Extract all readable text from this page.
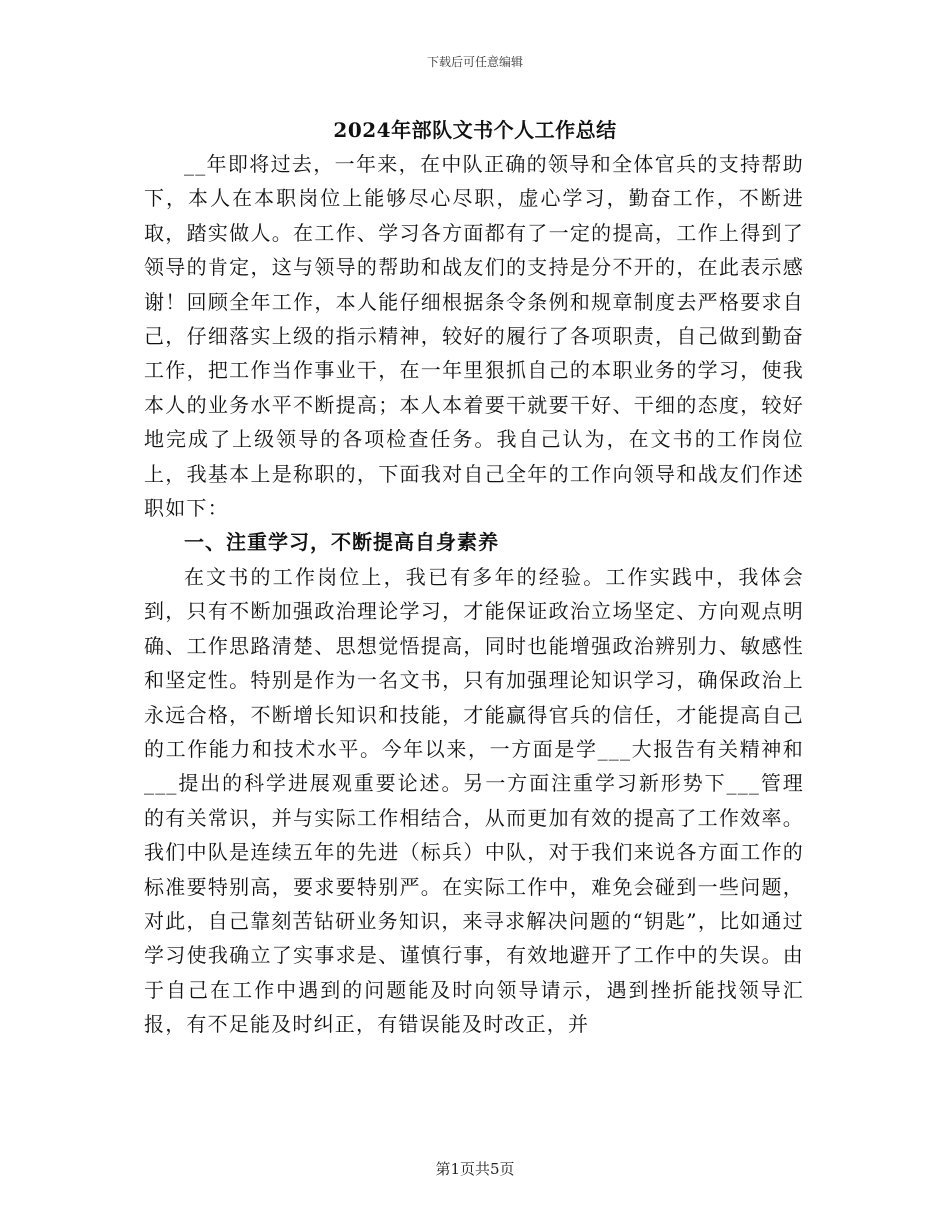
下载后可任意编辑
2024年部队文书个人工作总结

__年即将过去，一年来，在中队正确的领导和全体官兵的支持帮助下，本人在本职岗位上能够尽心尽职，虚心学习，勤奋工作，不断进取，踏实做人。在工作、学习各方面都有了一定的提高，工作上得到了领导的肯定，这与领导的帮助和战友们的支持是分不开的，在此表示感谢！回顾全年工作，本人能仔细根据条令条例和规章制度去严格要求自己，仔细落实上级的指示精神，较好的履行了各项职责，自己做到勤奋工作，把工作当作事业干，在一年里狠抓自己的本职业务的学习，使我本人的业务水平不断提高；本人本着要干就要干好、干细的态度，较好地完成了上级领导的各项检查任务。我自己认为，在文书的工作岗位上，我基本上是称职的，下面我对自己全年的工作向领导和战友们作述职如下：

一、注重学习，不断提高自身素养

在文书的工作岗位上，我已有多年的经验。工作实践中，我体会到，只有不断加强政治理论学习，才能保证政治立场坚定、方向观点明确、工作思路清楚、思想觉悟提高，同时也能增强政治辨别力、敏感性和坚定性。特别是作为一名文书，只有加强理论知识学习，确保政治上永远合格，不断增长知识和技能，才能赢得官兵的信任，才能提高自己的工作能力和技术水平。今年以来，一方面是学___大报告有关精神和___提出的科学进展观重要论述。另一方面注重学习新形势下___管理的有关常识，并与实际工作相结合，从而更加有效的提高了工作效率。我们中队是连续五年的先进（标兵）中队，对于我们来说各方面工作的标准要特别高，要求要特别严。在实际工作中，难免会碰到一些问题，对此，自己靠刻苦钻研业务知识，来寻求解决问题的“钥匙”，比如通过学习使我确立了实事求是、谨慎行事，有效地避开了工作中的失误。由于自己在工作中遇到的问题能及时向领导请示，遇到挫折能找领导汇报，有不足能及时纠正，有错误能及时改正，并

第1页共5页
